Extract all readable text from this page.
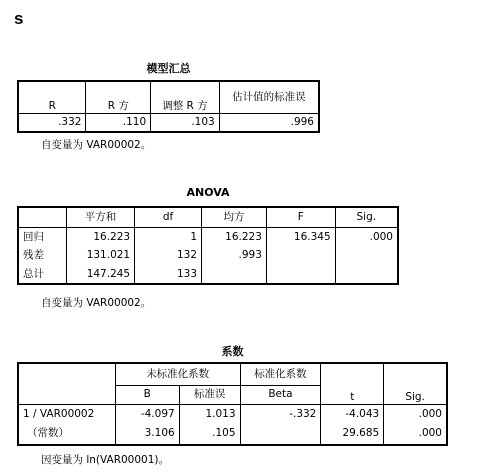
s
模型汇总
R	R 方	调整 R 方	估计值的标准误
.332	.110	.103	.996
自变量为 VAR00002。
ANOVA
	平方和	df	均方	F	Sig.
回归	16.223	1	16.223	16.345	.000
残差	131.021	132	.993		
总计	147.245	133			
自变量为 VAR00002。
系数
	未标准化系数		标准化系数	t	Sig.
	B	标准误	Beta		
1 / VAR00002	-4.097	1.013	-.332	-4.043	.000
（常数）	3.106	.105		29.685	.000
因变量为 ln(VAR00001)。
